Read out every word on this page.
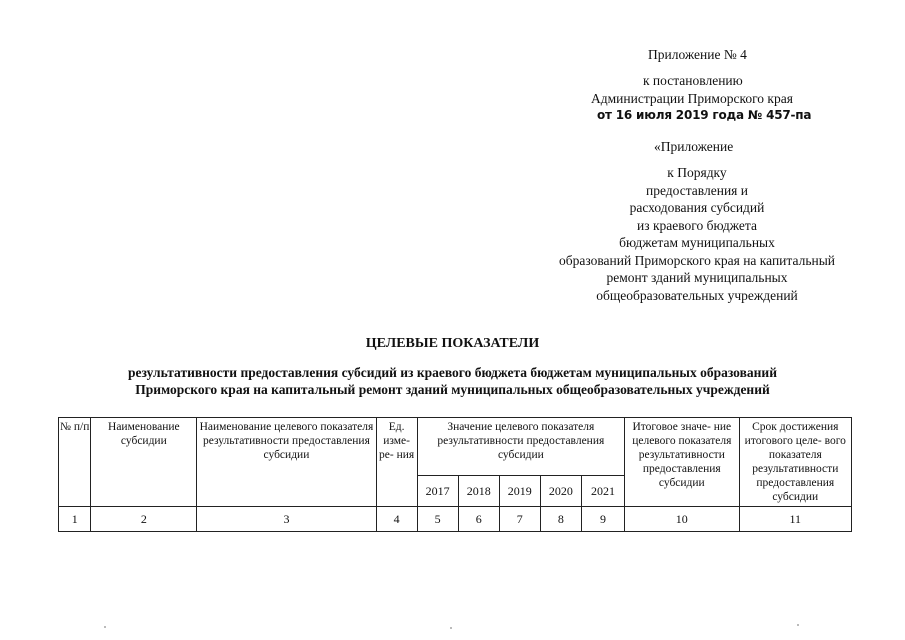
Приложение № 4
к постановлению
Администрации Приморского края
от 16 июля 2019 года № 457-па
«Приложение
к Порядку
предоставления и
расходования субсидий
из краевого бюджета
бюджетам муниципальных
образований Приморского края на капитальный
ремонт зданий муниципальных
общеобразовательных учреждений
ЦЕЛЕВЫЕ ПОКАЗАТЕЛИ
результативности предоставления субсидий из краевого бюджета бюджетам муниципальных образований
Приморского края на капитальный ремонт зданий муниципальных общеобразовательных учреждений
№ п/п	Наименование субсидии	Наименование целевого показателя результативности предоставления субсидии	Ед. изме- ре- ния	Значение целевого показателя результативности предоставления субсидии					Итоговое значе- ние целевого показателя результативности предоставления субсидии	Срок достижения итогового целе- вого показателя результативности предоставления субсидии
				2017	2018	2019	2020	2021		
1	2	3	4	5	6	7	8	9	10	11
